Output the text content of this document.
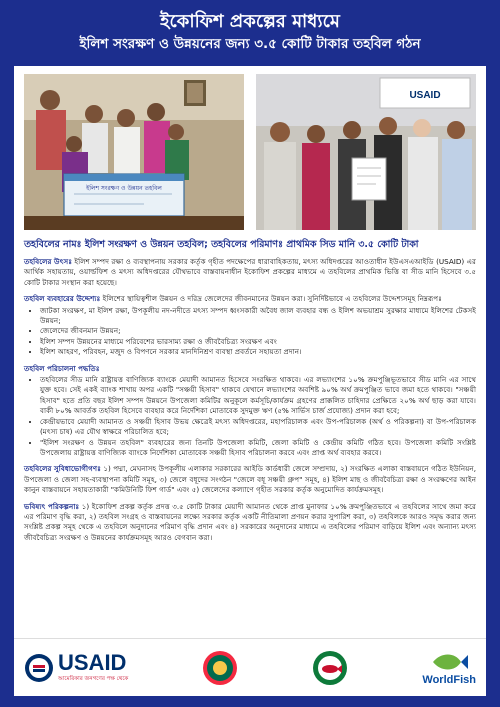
ইকোফিশ প্রকল্পের মাধ্যমে
ইলিশ সংরক্ষণ ও উন্নয়নের জন্য ৩.৫ কোটি টাকার তহবিল গঠন
ইলিশ সংরক্ষণ ও উন্নয়ন তহবিল
USAID
তহবিলের নামঃ ইলিশ সংরক্ষণ ও উন্নয়ন তহবিল; তহবিলের পরিমাণঃ প্রাথমিক সিড মানি ৩.৫ কোটি টাকা
তহবিলের উৎসঃ ইলিশ সম্পদ রক্ষা ও ব্যবস্থাপনায় সরকার কর্তৃক গৃহীত পদক্ষেপের ধারাবাহিকতায়, মৎস্য অধিদপ্তরের আওতাধীন ইউএসএআইডি (USAID) এর আর্থিক সহায়তায়, ওয়ার্ল্ডফিশ ও মৎস্য অধিদপ্তরের যৌথভাবে বাস্তবায়নাধীন ইকোফিশ প্রকল্পের মাধ্যমে এ তহবিলের প্রাথমিক ভিত্তি বা সীড মানি হিসেবে ৩.৫ কোটি টাকার সংস্থান করা হয়েছে।
তহবিল ব্যবহারের উদ্দেশ্যঃ ইলিশের স্থায়িত্বশীল উন্নয়ন ও দরিদ্র জেলেদের জীবনমানের উন্নয়ন করা। সুনির্দিষ্টভাবে এ তহবিলের উদ্দেশ্যসমূহ নিম্নরূপঃ
• জাটকা সংরক্ষণ, মা ইলিশ রক্ষা, উপকূলীয় নদ-নদীতে মৎস্য সম্পদ ধ্বংসকারী অবৈধ জাল ব্যবহার বন্ধ ও ইলিশ অভয়াশ্রম সুরক্ষার মাধ্যমে ইলিশের টেকসই উন্নয়ন;
• জেলেদের জীবনমান উন্নয়ন;
• ইলিশ সম্পদ উন্নয়নের মাধ্যমে পরিবেশের ভারসাম্য রক্ষা ও জীববৈচিত্র্য সংরক্ষণ এবং
• ইলিশ আহরণ, পরিবহন, মজুদ ও বিপণনে সরকার মানদিনিশ্রণ ব্যবস্থা প্রবর্তনে সহায়তা প্রদান।
তহবিল পরিচালনা পদ্ধতিঃ
• তহবিলের সীড মানি রাষ্ট্রায়ত্ত বাণিজ্যিক ব্যাংকে মেয়াদী আমানত হিসেবে সংরক্ষিত থাকবে। এর লভ্যাংশের ১০% ক্রমপুঞ্জিভূতভাবে সীড মানি এর সাথে যুক্ত হবে। সেই একই ব্যাংক শাখায় অপর একটি "সঞ্চয়ী হিসাব" থাকবে যেখানে লভ্যাংশের অবশিষ্ট ৯০% অর্থ ক্রমপুঞ্জিত ভাবে জমা হতে থাকবে। "সঞ্চয়ী হিসাব" হতে প্রতি বছর ইলিশ সম্পদ উন্নয়নে উপজেলা কমিটির অনুকূলে কর্মসূচি/কার্যক্রম গ্রহণের প্রাক্কলিত চাহিদার প্রেক্ষিতে ২০% অর্থ ছাড় করা যাবে। বাকী ৮০% আবর্তক তহবিল হিসেবে ব্যবহার করে নির্দেশিকা মোতাবেক সুদমুক্ত ঋণ (৫% সার্ভিস চার্জ প্রযোজ্য) প্রদান করা হবে;
• কেন্দ্রীয়ভাবে মেয়াদী আমানত ও সঞ্চয়ী হিসাব উভয় ক্ষেত্রেই মৎস্য অধিদপ্তরের, মহাপরিচালক এবং উপ-পরিচালক (অর্থ ও পরিকল্পনা) বা উপ-পরিচালক (মৎস্য চাষ) এর যৌথ স্বাক্ষরে পরিচালিত হবে;
• "ইলিশ সংরক্ষণ ও উন্নয়ন তহবিল" ব্যবহারের জন্য তিনটি উপজেলা কমিটি, জেলা কমিটি ও কেন্দ্রীয় কমিটি গঠিত হবে। উপজেলা কমিটি সংশ্লিষ্ট উপজেলায় রাষ্ট্রায়ত্ত বাণিজ্যিক ব্যাংকে নির্দেশিকা মোতাবেক সঞ্চয়ী হিসাব পরিচালনা করবে এবং প্রাপ্ত অর্থ ব্যবহার করবে।
তহবিলের সুবিধাভোগীগণঃ ১) পদ্মা, মেঘনাসহ উপকূলীয় এলাকার সরকারের আইডি কার্ডধারী জেলে সম্প্রদায়, ২) সংরক্ষিত এলাকা বাস্তবায়নে গঠিত ইউনিয়ন, উপজেলা ও জেলা সহ-ব্যবস্থাপনা কমিটি সমূহ, ৩) জেলে বধূদের সংগঠন "জেলে বধূ সঞ্চয়ী গ্রুপ" সমূহ, ৪) ইলিশ মাছ ও জীববৈচিত্র্য রক্ষা ও সংরক্ষণের আইন কানুন বাস্তবায়নে সহায়তাকারী "কমিউনিটি ফিশ গার্ড" এবং ৫) জেলেদের কল্যাণে গৃহীত সরকার কর্তৃক অনুমোদিত কার্যক্রমসমূহ।
ভবিষ্যৎ পরিকল্পনাঃ ১) ইকোফিশ প্রকল্প কর্তৃক প্রদত্ত ৩.৫ কোটি টাকার মেয়াদী আমানত থেকে প্রাপ্ত মুনাফার ১০% ক্রমপুঞ্জিতভাবে এ তহবিলের সাথে জমা করে এর পরিমাণ বৃদ্ধি করা, ২) তহবিল সংগ্রহ ও বাস্তবায়নের লক্ষ্যে সরকার কর্তৃক একটি নীতিমালা প্রণয়ন করার সুপারিশ করা, ৩) তহবিলকে আরও সমৃদ্ধ করার জন্য সংশ্লিষ্ট প্রকল্প সমূহ থেকে এ তহবিলে অনুদানের পরিমাণ বৃদ্ধি প্রদান এবং ৪) সরকারের অনুদানের মাধ্যমে এ তহবিলের পরিমাণ বাড়িয়ে ইলিশ এবং অন্যান্য মৎস্য জীববৈচিত্র্য সংরক্ষণ ও উন্নয়নের কার্যক্রমসমূহ আরও বেগবান করা।
USAID
আমেরিকার জনগণের পক্ষ থেকে	WorldFish
